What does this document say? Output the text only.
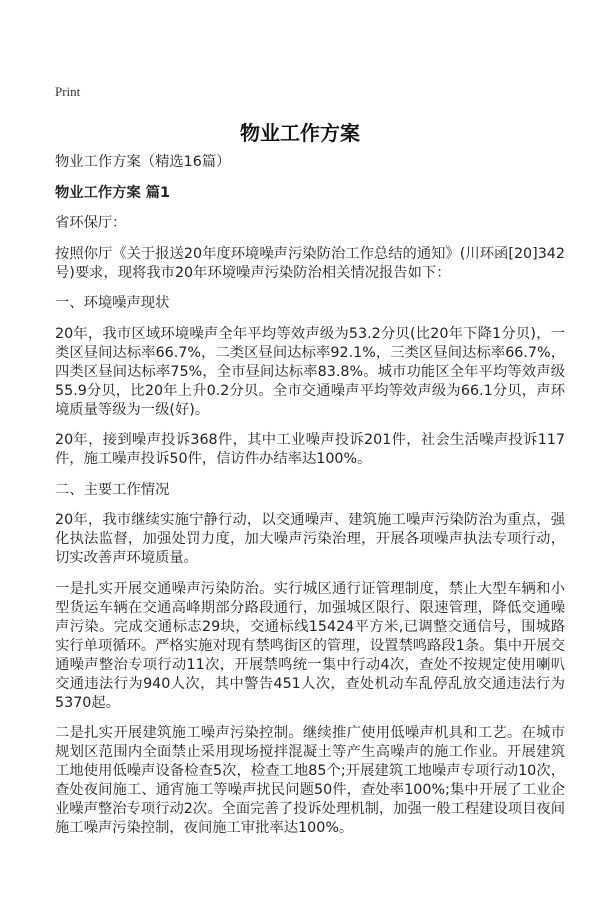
Print
物业工作方案

物业工作方案（精选16篇）

物业工作方案 篇1

省环保厅：

按照你厅《关于报送20年度环境噪声污染防治工作总结的通知》(川环函[20]342号)要求，现将我市20年环境噪声污染防治相关情况报告如下：

一、环境噪声现状

20年，我市区域环境噪声全年平均等效声级为53.2分贝(比20年下降1分贝)，一类区昼间达标率66.7%，二类区昼间达标率92.1%，三类区昼间达标率66.7%，四类区昼间达标率75%，全市昼间达标率83.8%。城市功能区全年平均等效声级55.9分贝，比20年上升0.2分贝。全市交通噪声平均等效声级为66.1分贝，声环境质量等级为一级(好)。

20年，接到噪声投诉368件，其中工业噪声投诉201件，社会生活噪声投诉117件，施工噪声投诉50件，信访件办结率达100%。

二、主要工作情况

20年，我市继续实施宁静行动，以交通噪声、建筑施工噪声污染防治为重点，强化执法监督，加强处罚力度，加大噪声污染治理，开展各项噪声执法专项行动，切实改善声环境质量。

一是扎实开展交通噪声污染防治。实行城区通行证管理制度，禁止大型车辆和小型货运车辆在交通高峰期部分路段通行，加强城区限行、限速管理，降低交通噪声污染。完成交通标志29块，交通标线15424平方米,已调整交通信号，围城路实行单项循环。严格实施对现有禁鸣街区的管理，设置禁鸣路段1条。集中开展交通噪声整治专项行动11次，开展禁鸣统一集中行动4次，查处不按规定使用喇叭交通违法行为940人次，其中警告451人次，查处机动车乱停乱放交通违法行为5370起。

二是扎实开展建筑施工噪声污染控制。继续推广使用低噪声机具和工艺。在城市规划区范围内全面禁止采用现场搅拌混凝土等产生高噪声的施工作业。开展建筑工地使用低噪声设备检查5次，检查工地85个;开展建筑工地噪声专项行动10次，查处夜间施工、通宵施工等噪声扰民问题50件，查处率100%;集中开展了工业企业噪声整治专项行动2次。全面完善了投诉处理机制，加强一般工程建设项目夜间施工噪声污染控制，夜间施工审批率达100%。
